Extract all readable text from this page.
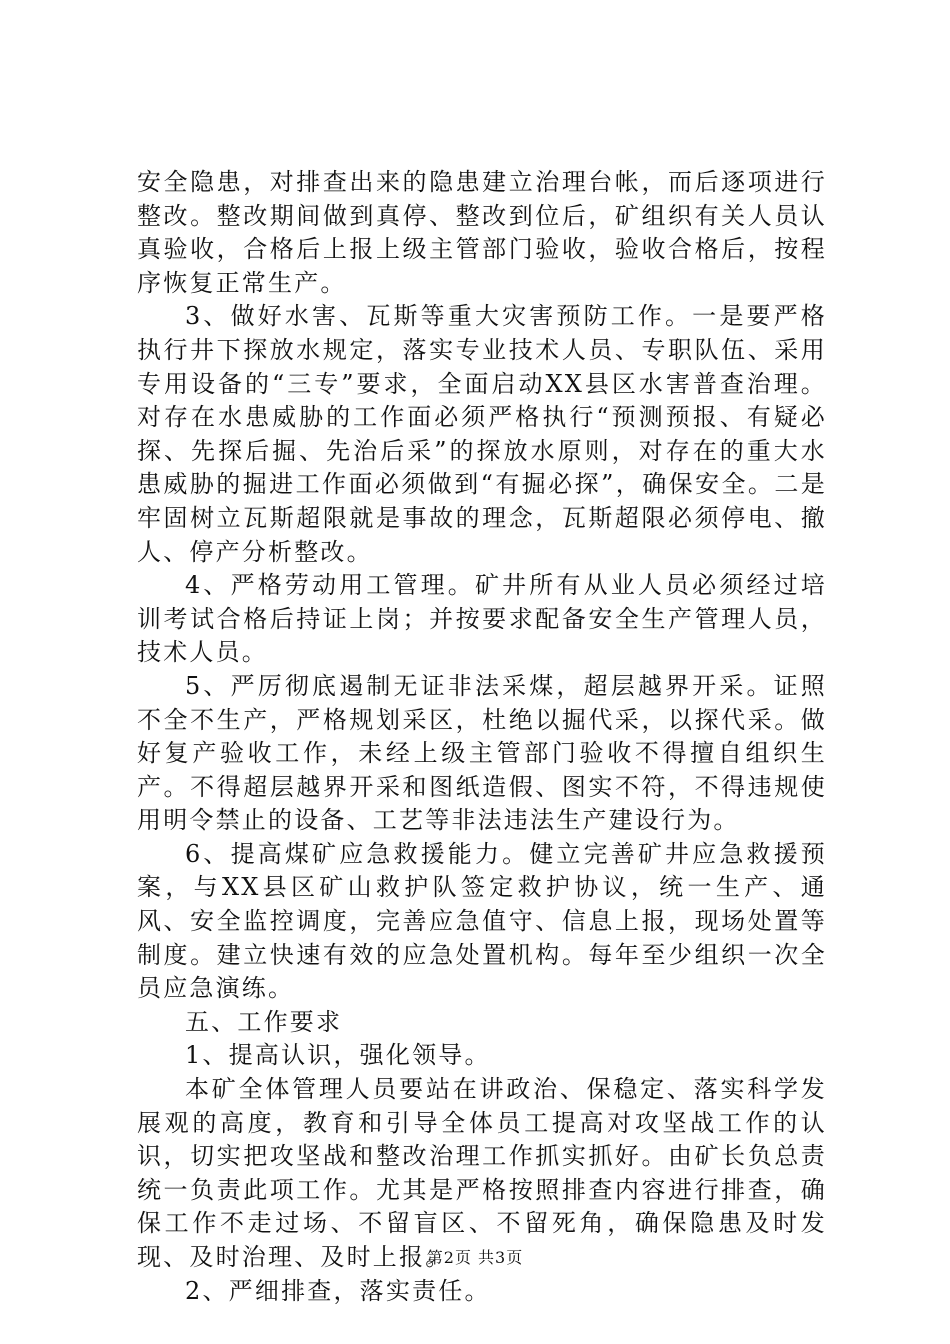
安全隐患，对排查出来的隐患建立治理台帐，而后逐项进行整改。整改期间做到真停、整改到位后，矿组织有关人员认真验收，合格后上报上级主管部门验收，验收合格后，按程序恢复正常生产。

3、做好水害、瓦斯等重大灾害预防工作。一是要严格执行井下探放水规定，落实专业技术人员、专职队伍、采用专用设备的“三专”要求，全面启动XX县区水害普查治理。对存在水患威胁的工作面必须严格执行“预测预报、有疑必探、先探后掘、先治后采”的探放水原则，对存在的重大水患威胁的掘进工作面必须做到“有掘必探”，确保安全。二是牢固树立瓦斯超限就是事故的理念，瓦斯超限必须停电、撤人、停产分析整改。

4、严格劳动用工管理。矿井所有从业人员必须经过培训考试合格后持证上岗；并按要求配备安全生产管理人员，技术人员。

5、严厉彻底遏制无证非法采煤，超层越界开采。证照不全不生产，严格规划采区，杜绝以掘代采，以探代采。做好复产验收工作，未经上级主管部门验收不得擅自组织生产。不得超层越界开采和图纸造假、图实不符，不得违规使用明令禁止的设备、工艺等非法违法生产建设行为。

6、提高煤矿应急救援能力。健立完善矿井应急救援预案，与XX县区矿山救护队签定救护协议，统一生产、通风、安全监控调度，完善应急值守、信息上报，现场处置等制度。建立快速有效的应急处置机构。每年至少组织一次全员应急演练。

五、工作要求

1、提高认识，强化领导。

本矿全体管理人员要站在讲政治、保稳定、落实科学发展观的高度，教育和引导全体员工提高对攻坚战工作的认识，切实把攻坚战和整改治理工作抓实抓好。由矿长负总责统一负责此项工作。尤其是严格按照排查内容进行排查，确保工作不走过场、不留盲区、不留死角，确保隐患及时发现、及时治理、及时上报。

2、严细排查，落实责任。

第2页 共3页
